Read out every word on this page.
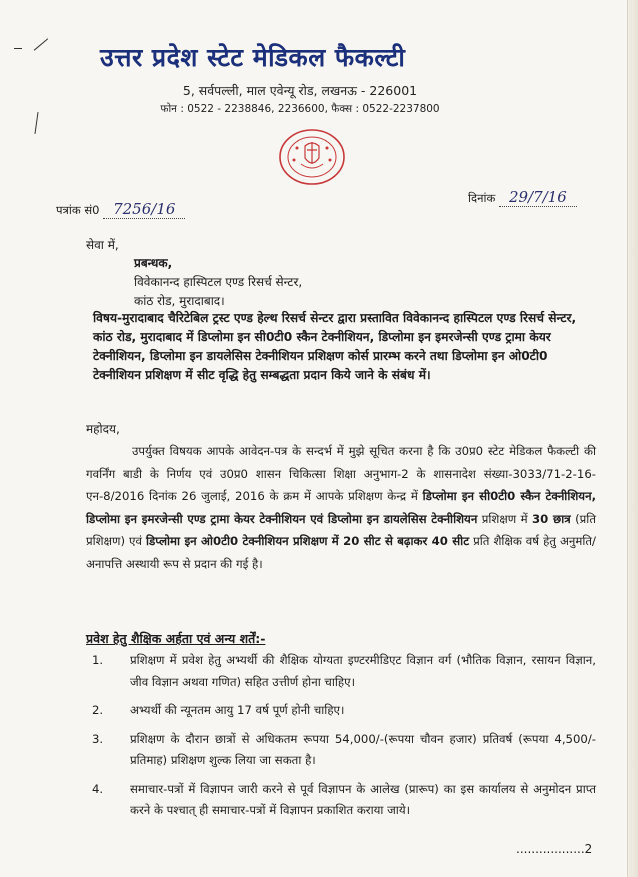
उत्तर प्रदेश स्टेट मेडिकल फैकल्टी
5, सर्वपल्ली, माल एवेन्यू रोड, लखनऊ - 226001
फोन : 0522 - 2238846, 2236600, फैक्स : 0522-2237800
पत्रांक सं0 7256/16
दिनांक 29/7/16
सेवा में,
प्रबन्धक,
विवेकानन्द हास्पिटल एण्ड रिसर्च सेन्टर,
कांठ रोड, मुरादाबाद।
विषय-मुरादाबाद चैरिटेबिल ट्रस्ट एण्ड हेल्थ रिसर्च सेन्टर द्वारा प्रस्तावित विवेकानन्द हास्पिटल एण्ड रिसर्च सेन्टर, कांठ रोड, मुरादाबाद में डिप्लोमा इन सी0टी0 स्कैन टेक्नीशियन, डिप्लोमा इन इमरजेन्सी एण्ड ट्रामा केयर टेक्नीशियन, डिप्लोमा इन डायलेसिस टेक्नीशियन प्रशिक्षण कोर्स प्रारम्भ करने तथा डिप्लोमा इन ओ0टी0 टेक्नीशियन प्रशिक्षण में सीट वृद्धि हेतु सम्बद्धता प्रदान किये जाने के संबंध में।
महोदय,
उपर्युक्त विषयक आपके आवेदन-पत्र के सन्दर्भ में मुझे सूचित करना है कि उ0प्र0 स्टेट मेडिकल फैकल्टी की गवर्निंग बाडी के निर्णय एवं उ0प्र0 शासन चिकित्सा शिक्षा अनुभाग-2 के शासनादेश संख्या-3033/71-2-16-एन-8/2016 दिनांक 26 जुलाई, 2016 के क्रम में आपके प्रशिक्षण केन्द्र में डिप्लोमा इन सी0टी0 स्कैन टेक्नीशियन, डिप्लोमा इन इमरजेन्सी एण्ड ट्रामा केयर टेक्नीशियन एवं डिप्लोमा इन डायलेसिस टेक्नीशियन प्रशिक्षण में 30 छात्र (प्रति प्रशिक्षण) एवं डिप्लोमा इन ओ0टी0 टेक्नीशियन प्रशिक्षण में 20 सीट से बढ़ाकर 40 सीट प्रति शैक्षिक वर्ष हेतु अनुमति/अनापत्ति अस्थायी रूप से प्रदान की गई है।
प्रवेश हेतु शैक्षिक अर्हता एवं अन्य शर्तें:-
1. प्रशिक्षण में प्रवेश हेतु अभ्यर्थी की शैक्षिक योग्यता इण्टरमीडिएट विज्ञान वर्ग (भौतिक विज्ञान, रसायन विज्ञान, जीव विज्ञान अथवा गणित) सहित उत्तीर्ण होना चाहिए।
2. अभ्यर्थी की न्यूनतम आयु 17 वर्ष पूर्ण होनी चाहिए।
3. प्रशिक्षण के दौरान छात्रों से अधिकतम रूपया 54,000/-(रूपया चौवन हजार) प्रतिवर्ष (रूपया 4,500/-प्रतिमाह) प्रशिक्षण शुल्क लिया जा सकता है।
4. समाचार-पत्रों में विज्ञापन जारी करने से पूर्व विज्ञापन के आलेख (प्रारूप) का इस कार्यालय से अनुमोदन प्राप्त करने के पश्चात् ही समाचार-पत्रों में विज्ञापन प्रकाशित कराया जाये।
..................2
